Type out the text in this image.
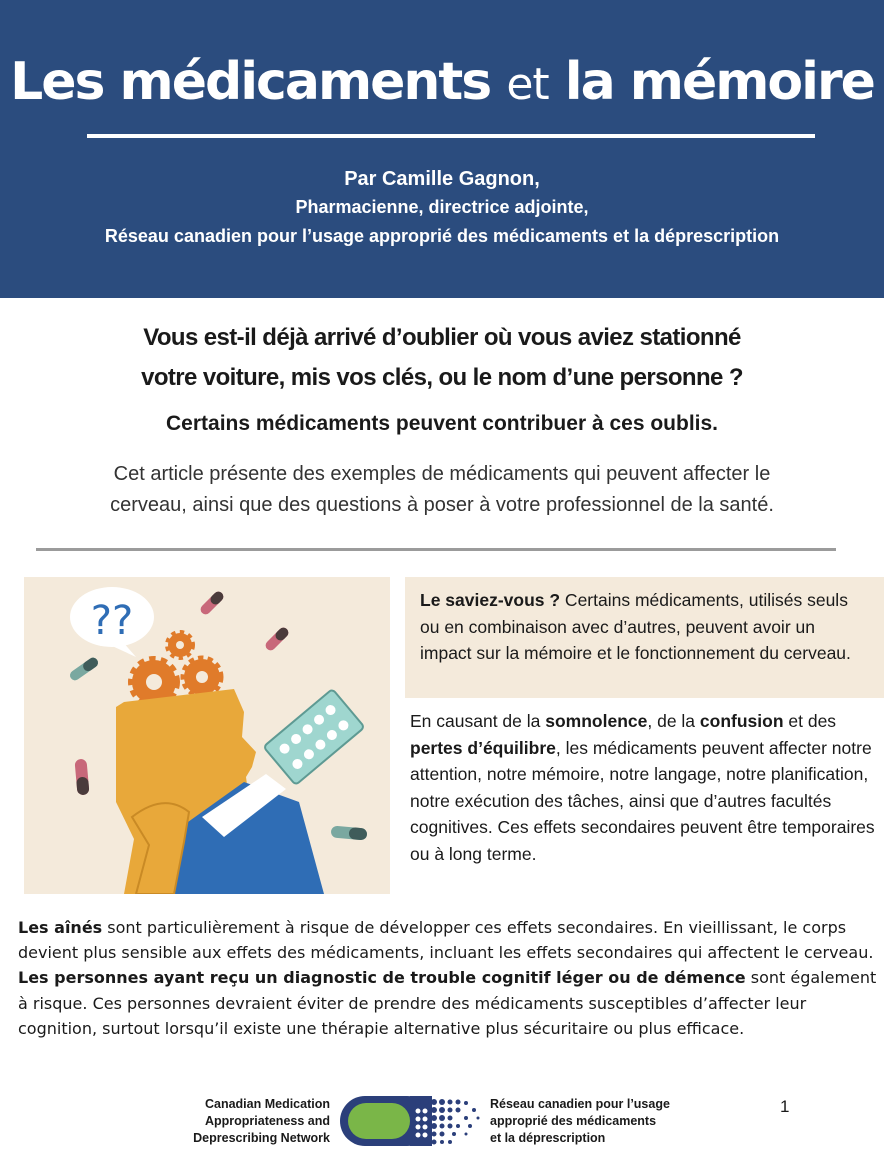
Les médicaments et la mémoire
Par Camille Gagnon,
Pharmacienne, directrice adjointe,
Réseau canadien pour l’usage approprié des médicaments et la déprescription
Vous est-il déjà arrivé d’oublier où vous aviez stationné
votre voiture, mis vos clés, ou le nom d’une personne ?
Certains médicaments peuvent contribuer à ces oublis.
Cet article présente des exemples de médicaments qui peuvent affecter le
cerveau, ainsi que des questions à poser à votre professionnel de la santé.
??	Le saviez-vous ? Certains médicaments, utilisés seuls ou en combinaison avec d’autres, peuvent avoir un impact sur la mémoire et le fonctionnement du cerveau.
En causant de la somnolence, de la confusion et des pertes d’équilibre, les médicaments peuvent affecter notre attention, notre mémoire, notre langage, notre planification, notre exécution des tâches, ainsi que d’autres facultés cognitives. Ces effets secondaires peuvent être temporaires ou à long terme.
Les aînés sont particulièrement à risque de développer ces effets secondaires. En vieillissant, le corps devient plus sensible aux effets des médicaments, incluant les effets secondaires qui affectent le cerveau. Les personnes ayant reçu un diagnostic de trouble cognitif léger ou de démence sont également à risque. Ces personnes devraient éviter de prendre des médicaments susceptibles d’affecter leur cognition, surtout lorsqu’il existe une thérapie alternative plus sécuritaire ou plus efficace.
Canadian Medication
Appropriateness and
Deprescribing Network
Réseau canadien pour l’usage
approprié des médicaments
et la déprescription
1
